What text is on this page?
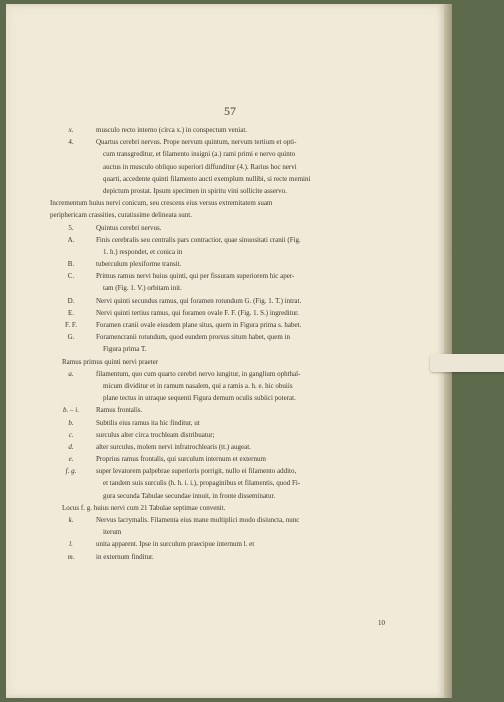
57
x.	musculo recto interno (circa x.) in conspectum veniat.
4.	Quartus cerebri nervus. Prope nervum quintum, nervum tertium et opti-
cum transgreditur, et filamento insigni (a.) rami primi e nervo quinto
auctus in musculo obliquo superiori diffunditur (4.). Rarius hoc nervi
quarti, accedente quinti filamento aucti exemplum nullibi, si recte memini
depictum prostat. Ipsum specimen in spiritu vini sollicite asservo.
Incrementum huius nervi conicum, seu crescens eius versus extremitatem suam
periphericam crassities, curatissime delineata sunt.
5.	Quintus cerebri nervus.
A.	Finis cerebralis seu centralis pars contractior, quae sinuositati cranii (Fig.
1. h.) respondet, et conica in
B.	tuberculum plexiforme transit.
C.	Primus ramus nervi huius quinti, qui per fissuram superiorem hic aper-
tam (Fig. 1. V.) orbitam init.
D.	Nervi quinti secundus ramus, qui foramen rotundum G. (Fig. 1. T.) intrat.
E.	Nervi quinti tertius ramus, qui foramen ovale F. F. (Fig. 1. S.) ingreditur.
F. F.	Foramen cranii ovale eiusdem plane situs, quem in Figura prima s. habet.
G.	Foramencranii rotundum, quod eundem prorsus situm habet, quem in
Figura prima T.
Ramus primus quinti nervi praeter
a.	filamentum, quo cum quarto cerebri nervo iungitur, in ganglium ophthal-
micum dividitur et in ramum nasalem, qui a ramis a. h. e. hic obuiis
plane tectus in utraque sequenti Figura demum oculis subiici poterat.
b. – i.	Ramus frontalis.
b.	Subtilis eius ramus ita hic finditur, ut
c.	surculus alter circa trochleam distribuatur;
d.	alter surculus, molem nervi infratrochlearis (tt.) augeat.
e.	Proprius ramus frontalis, qui surculum internum et externum
f. g.	super levatorem palpebrae superioris porrigit, nullo ei filamento addito,
et tandem suis surculis (h. h. i. i.), propaginibus et filamentis, quod Fi-
gura secunda Tabulae secundae innuit, in fronte disseminatur.
Locus f. g. huius nervi cum 21 Tabulae septimae convenit.
k.	Nervus lacrymalis. Filamenta eius mane multiplici modo disiuncta, nunc
iterum
l.	unita apparent. Ipse in surculum praecipue internum l. et
m.	in externum finditur.
10
